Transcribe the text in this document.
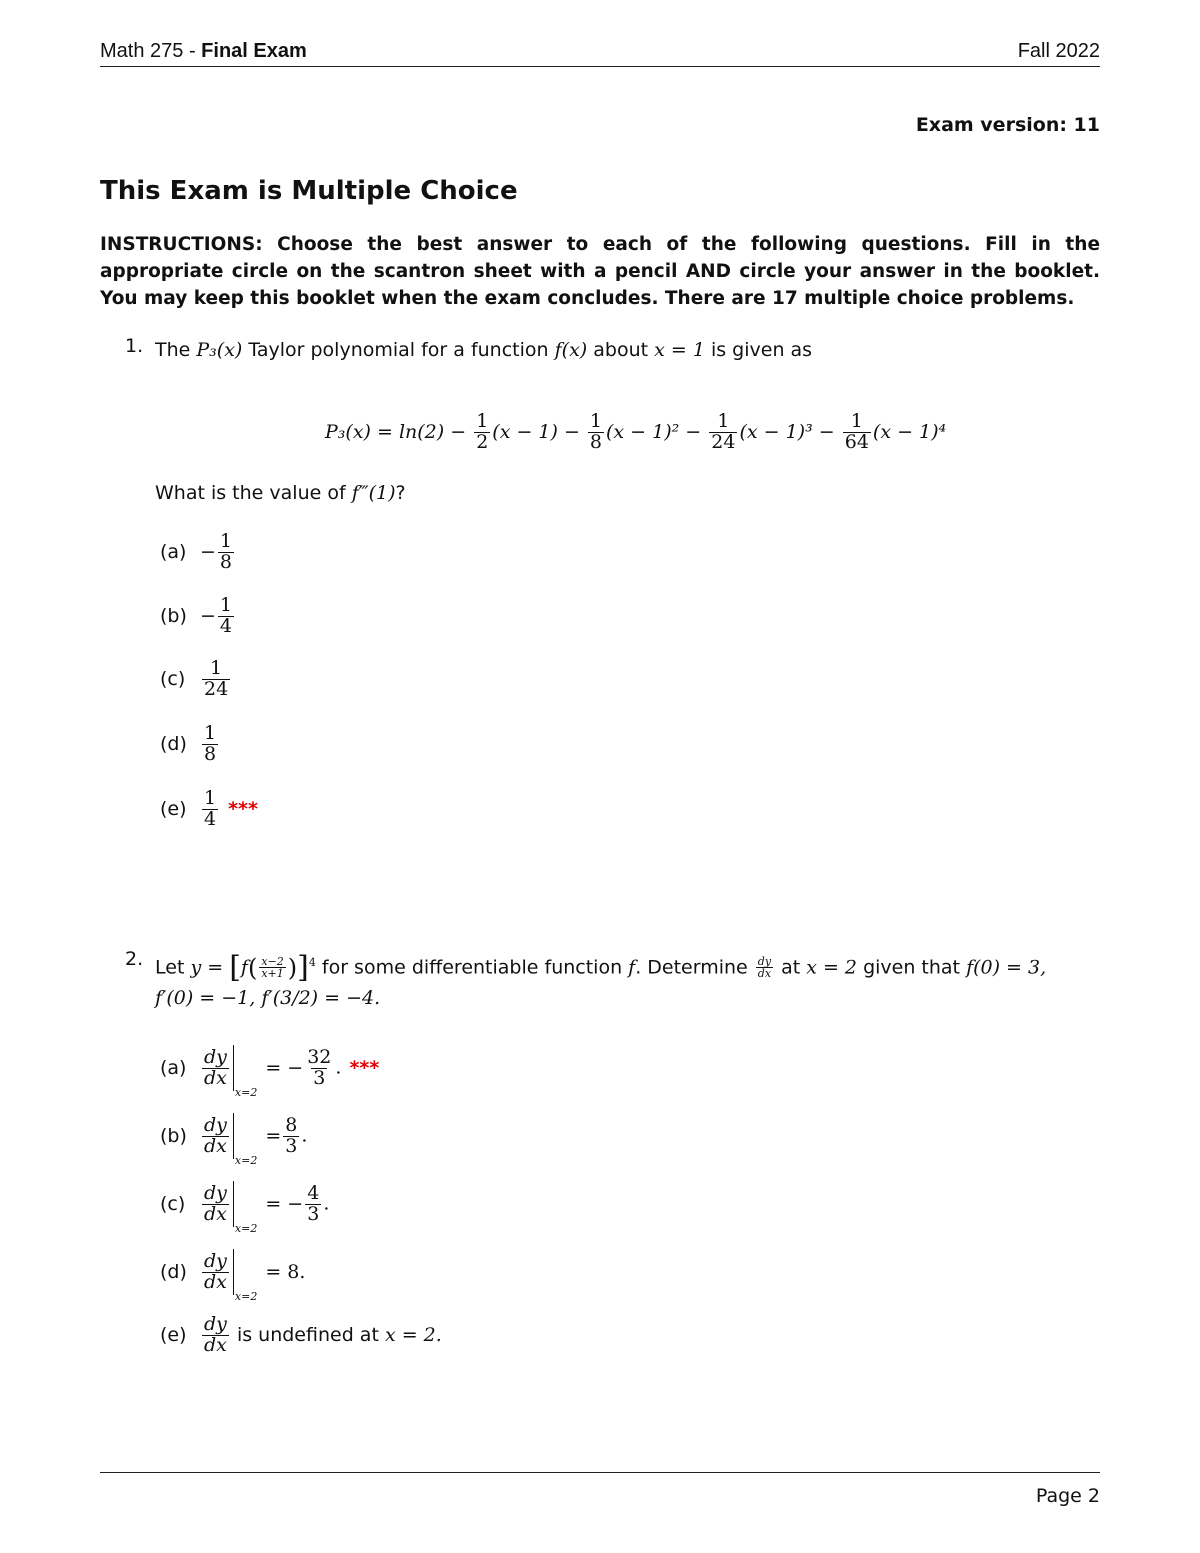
Math 275 - Final Exam	Fall 2022
Exam version: 11
This Exam is Multiple Choice
INSTRUCTIONS: Choose the best answer to each of the following questions. Fill in the appropriate circle on the scantron sheet with a pencil AND circle your answer in the booklet. You may keep this booklet when the exam concludes. There are 17 multiple choice problems.
1. The P₃(x) Taylor polynomial for a function f(x) about x = 1 is given as
$P_3(x) = \ln(2) - \frac{1}{2} (x - 1) - \frac{1}{8} (x - 1)^2 - \frac{1}{24} (x - 1)^3 - \frac{1}{64} (x - 1)^4$
What is the value of f‴(1)?
$(a) - \frac{1}{8}$
$(b) - \frac{1}{4}$
$(c) \frac{1}{24}$
$(d) \frac{1}{8}$
$(e) \frac{1}{4}$ ***
2. Let $y = [f( \frac{x-2}{x+1} )]^4$ for some differentiable function f. Determine $\frac{dy}{dx}$ at x = 2 given that f(0) = 3,
f′(0) = −1, f′(3/2) = −4.
$(a) \frac{dy}{dx}$
$_{x=2}= - \frac{32}{3}$ . ***
$(b) \frac{dy}{dx}$
$_{x=2}= \frac{8}{3}$ .
$(c) \frac{dy}{dx}$
$_{x=2}= - \frac{4}{3}$ .
$(d) \frac{dy}{dx}$
$_{x=2}$= 8.
$(e) \frac{dy}{dx}$ is undefined at x = 2.
Page 2
